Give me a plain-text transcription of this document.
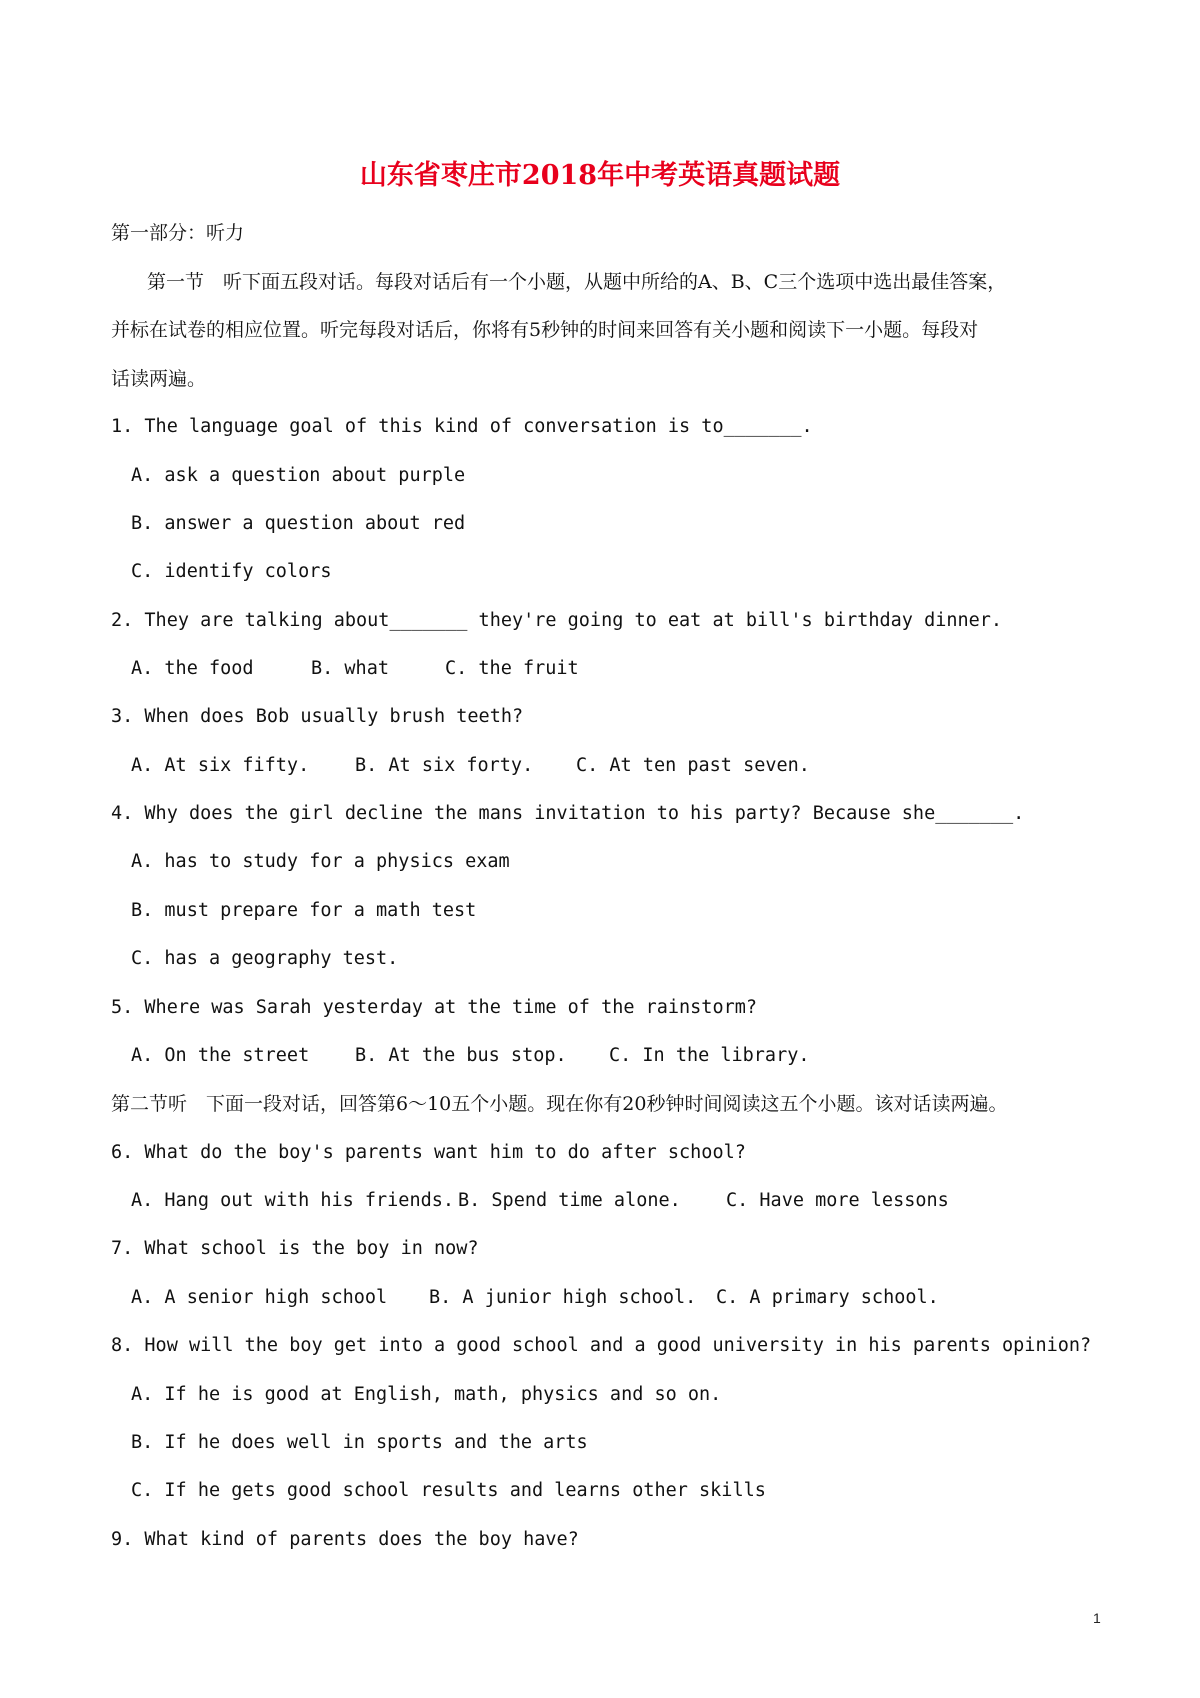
山东省枣庄市2018年中考英语真题试题
第一部分：听力
第一节　听下面五段对话。每段对话后有一个小题，从题中所给的A、B、C三个选项中选出最佳答案，
并标在试卷的相应位置。听完每段对话后，你将有5秒钟的时间来回答有关小题和阅读下一小题。每段对
话读两遍。
1. The language goal of this kind of conversation is to_______.
A. ask a question about purple
B. answer a question about red
C. identify colors
2. They are talking about_______ they're going to eat at bill's birthday dinner.
A. the food	B. what	C. the fruit
3. When does Bob usually brush teeth?
A. At six fifty. B. At six forty. C. At ten past seven.
4. Why does the girl decline the mans invitation to his party? Because she_______.
A. has to study for a physics exam
B. must prepare for a math test
C. has a geography test.
5. Where was Sarah yesterday at the time of the rainstorm?
A. On the street B. At the bus stop. C. In the library.
第二节听　下面一段对话，回答第6～10五个小题。现在你有20秒钟时间阅读这五个小题。该对话读两遍。
6. What do the boy's parents want him to do after school?
A. Hang out with his friends. B. Spend time alone. C. Have more lessons
7. What school is the boy in now?
A. A senior high school B. A junior high school. C. A primary school.
8. How will the boy get into a good school and a good university in his parents opinion?
A. If he is good at English, math, physics and so on.
B. If he does well in sports and the arts
C. If he gets good school results and learns other skills
9. What kind of parents does the boy have?
1
